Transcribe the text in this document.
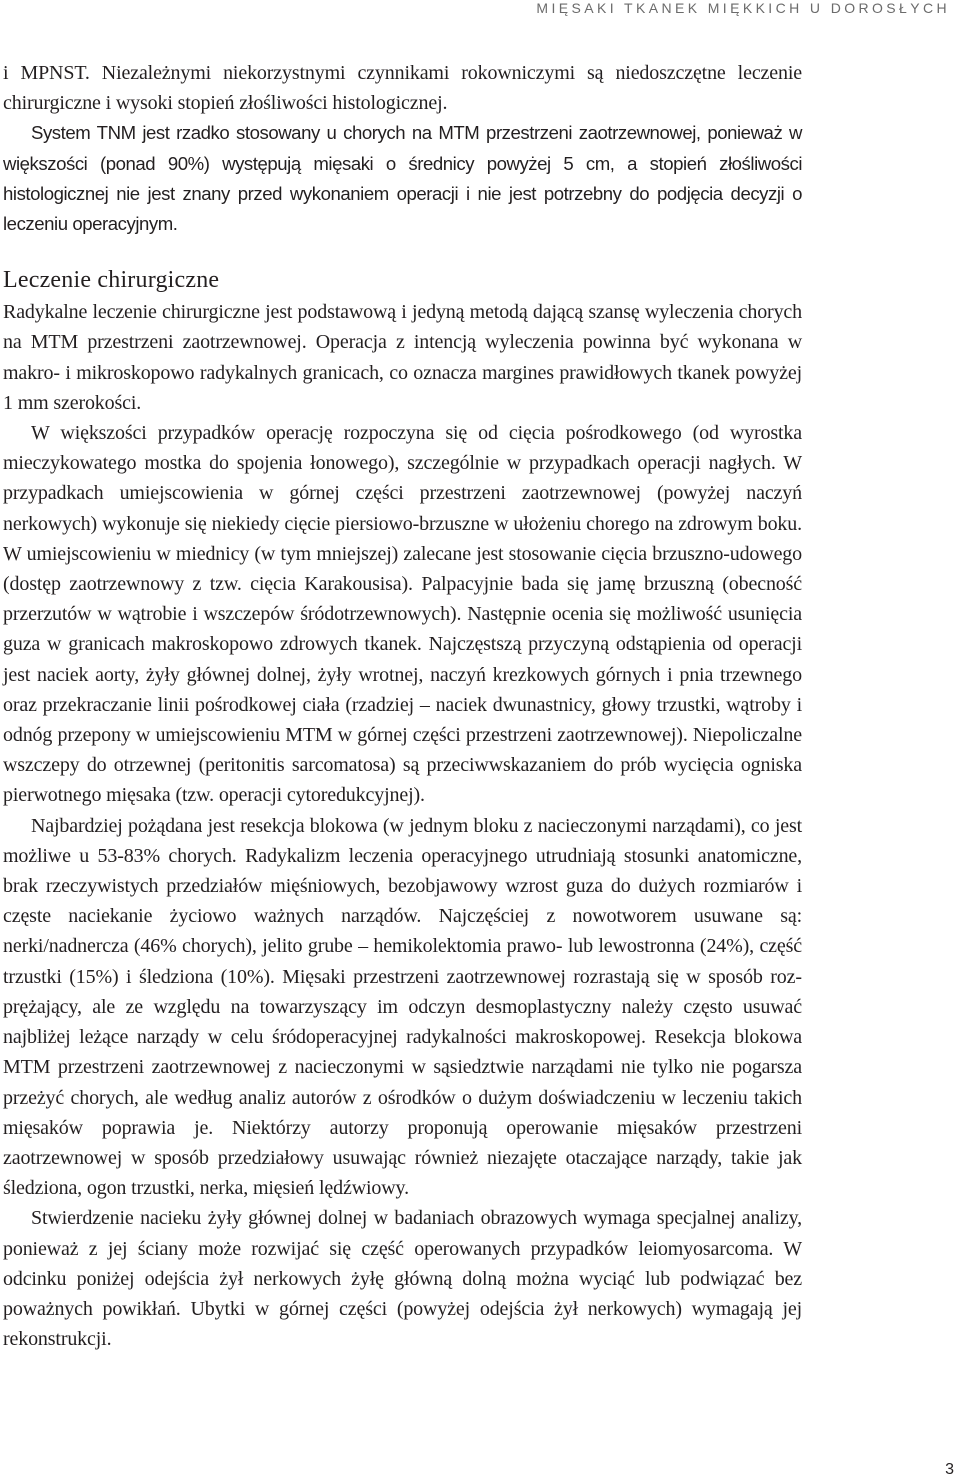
MIĘSAKI TKANEK MIĘKKICH U DOROSŁYCH

i MPNST. Niezależnymi niekorzystnymi czynnikami rokowniczymi są niedoszczętne leczenie chirurgiczne i wysoki stopień złośliwości histologicznej.

System TNM jest rzadko stosowany u chorych na MTM przestrzeni zaotrzewnowej, ponieważ w większości (ponad 90%) występują mięsaki o średnicy powyżej 5 cm, a stopień złośliwości histologicznej nie jest znany przed wykonaniem operacji i nie jest potrzebny do podjęcia decyzji o leczeniu operacyjnym.

Leczenie chirurgiczne

Radykalne leczenie chirurgiczne jest podstawową i jedyną metodą dającą szansę wyleczenia chorych na MTM przestrzeni zaotrzewnowej. Operacja z intencją wyleczenia powinna być wykonana w makro- i mikroskopowo radykalnych granicach, co oznacza margines prawidłowych tkanek powyżej 1 mm szerokości.

W większości przypadków operację rozpoczyna się od cięcia pośrodkowego (od wyrostka mieczykowatego mostka do spojenia łonowego), szczególnie w przypadkach operacji nagłych. W przypadkach umiejscowienia w górnej części przestrzeni zaotrzewnowej (powyżej naczyń nerkowych) wykonuje się niekiedy cięcie piersiowo-brzuszne w ułożeniu chorego na zdrowym boku. W umiejscowieniu w miednicy (w tym mniejszej) zalecane jest stosowanie cięcia brzuszno-udowego (dostęp zaotrzewnowy z tzw. cięcia Karakousisa). Palpacyjnie bada się jamę brzuszną (obecność przerzutów w wątrobie i wszczepów śródotrzewnowych). Następnie ocenia się możliwość usunięcia guza w granicach makroskopowo zdrowych tkanek. Najczęstszą przyczyną odstąpienia od operacji jest naciek aorty, żyły głównej dolnej, żyły wrotnej, naczyń krezkowych górnych i pnia trzewnego oraz przekraczanie linii pośrodkowej ciała (rzadziej – naciek dwunastnicy, głowy trzustki, wątroby i odnóg przepony w umiejscowieniu MTM w górnej części przestrzeni zaotrzewnowej). Niepoliczalne wszczepy do otrzewnej (peritonitis sarcomatosa) są przeciwwskazaniem do prób wycięcia ogniska pierwotnego mięsaka (tzw. operacji cytoredukcyjnej).

Najbardziej pożądana jest resekcja blokowa (w jednym bloku z nacieczonymi narządami), co jest możliwe u 53-83% chorych. Radykalizm leczenia operacyjnego utrudniają stosunki anatomiczne, brak rzeczywistych przedziałów mięśniowych, bezobjawowy wzrost guza do dużych rozmiarów i częste naciekanie życiowo ważnych narządów. Najczęściej z nowotworem usuwane są: nerki/nadnercza (46% chorych), jelito grube – hemikolektomia prawo- lub lewostronna (24%), część trzustki (15%) i śledziona (10%). Mięsaki przestrzeni zaotrzewnowej rozrastają się w sposób rozprężający, ale ze względu na towarzyszący im odczyn desmoplastyczny należy często usuwać najbliżej leżące narządy w celu śródoperacyjnej radykalności makroskopowej. Resekcja blokowa MTM przestrzeni zaotrzewnowej z nacieczonymi w sąsiedztwie narządami nie tylko nie pogarsza przeżyć chorych, ale według analiz autorów z ośrodków o dużym doświadczeniu w leczeniu takich mięsaków poprawia je. Niektórzy autorzy proponują operowanie mięsaków przestrzeni zaotrzewnowej w sposób przedziałowy usuwając również niezajęte otaczające narządy, takie jak śledziona, ogon trzustki, nerka, mięsień lędźwiowy.

Stwierdzenie nacieku żyły głównej dolnej w badaniach obrazowych wymaga specjalnej analizy, ponieważ z jej ściany może rozwijać się część operowanych przypadków leiomyosarcoma. W odcinku poniżej odejścia żył nerkowych żyłę główną dolną można wyciąć lub podwiązać bez poważnych powikłań. Ubytki w górnej części (powyżej odejścia żył nerkowych) wymagają jej rekonstrukcji.

3
